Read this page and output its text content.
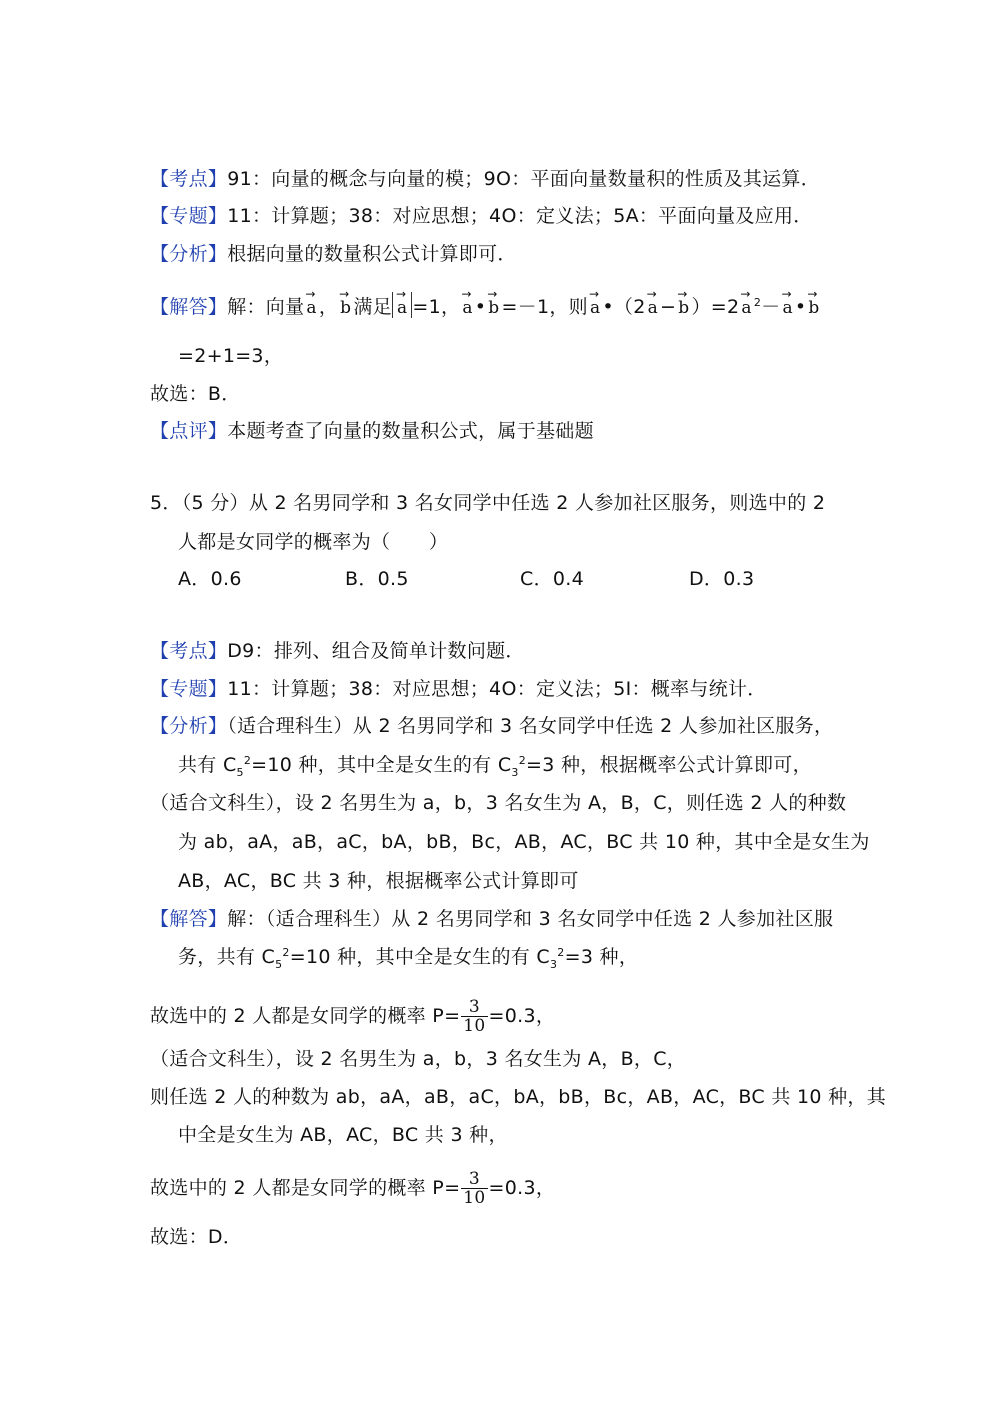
【考点】91：向量的概念与向量的模；9O：平面向量数量积的性质及其运算．
【专题】11：计算题；38：对应思想；4O：定义法；5A：平面向量及应用．
【分析】根据向量的数量积公式计算即可．
【解答】解：向量 → a ， → b 满足 → a =1， → a • → b =－1，则 → a •（2 → a − → b ）=2 → a $^2$－ → a • → b
=2+1=3，
故选：B．
【点评】本题考查了向量的数量积公式，属于基础题
5．（5 分）从 2 名男同学和 3 名女同学中任选 2 人参加社区服务，则选中的 2
人都是女同学的概率为（　　）
A．0.6	B．0.5	C．0.4	D．0.3
【考点】D9：排列、组合及简单计数问题．
【专题】11：计算题；38：对应思想；4O：定义法；5I：概率与统计．
【分析】（适合理科生）从 2 名男同学和 3 名女同学中任选 2 人参加社区服务，
共有 $C_5^2=10$ 种，其中全是女生的有 $C_3^2=3$ 种，根据概率公式计算即可，
（适合文科生），设 2 名男生为 a，b，3 名女生为 A，B，C，则任选 2 人的种数
为 ab，aA，aB，aC，bA，bB，Bc，AB，AC，BC 共 10 种，其中全是女生为
AB，AC，BC 共 3 种，根据概率公式计算即可
【解答】解：（适合理科生）从 2 名男同学和 3 名女同学中任选 2 人参加社区服
务，共有 $C_5^2=10$ 种，其中全是女生的有 $C_3^2=3$ 种，
故选中的 2 人都是女同学的概率 $P= \frac{3}{10} =0.3$，
（适合文科生），设 2 名男生为 a，b，3 名女生为 A，B，C，
则任选 2 人的种数为 ab，aA，aB，aC，bA，bB，Bc，AB，AC，BC 共 10 种，其
中全是女生为 AB，AC，BC 共 3 种，
故选中的 2 人都是女同学的概率 $P= \frac{3}{10} =0.3$，
故选：D．
